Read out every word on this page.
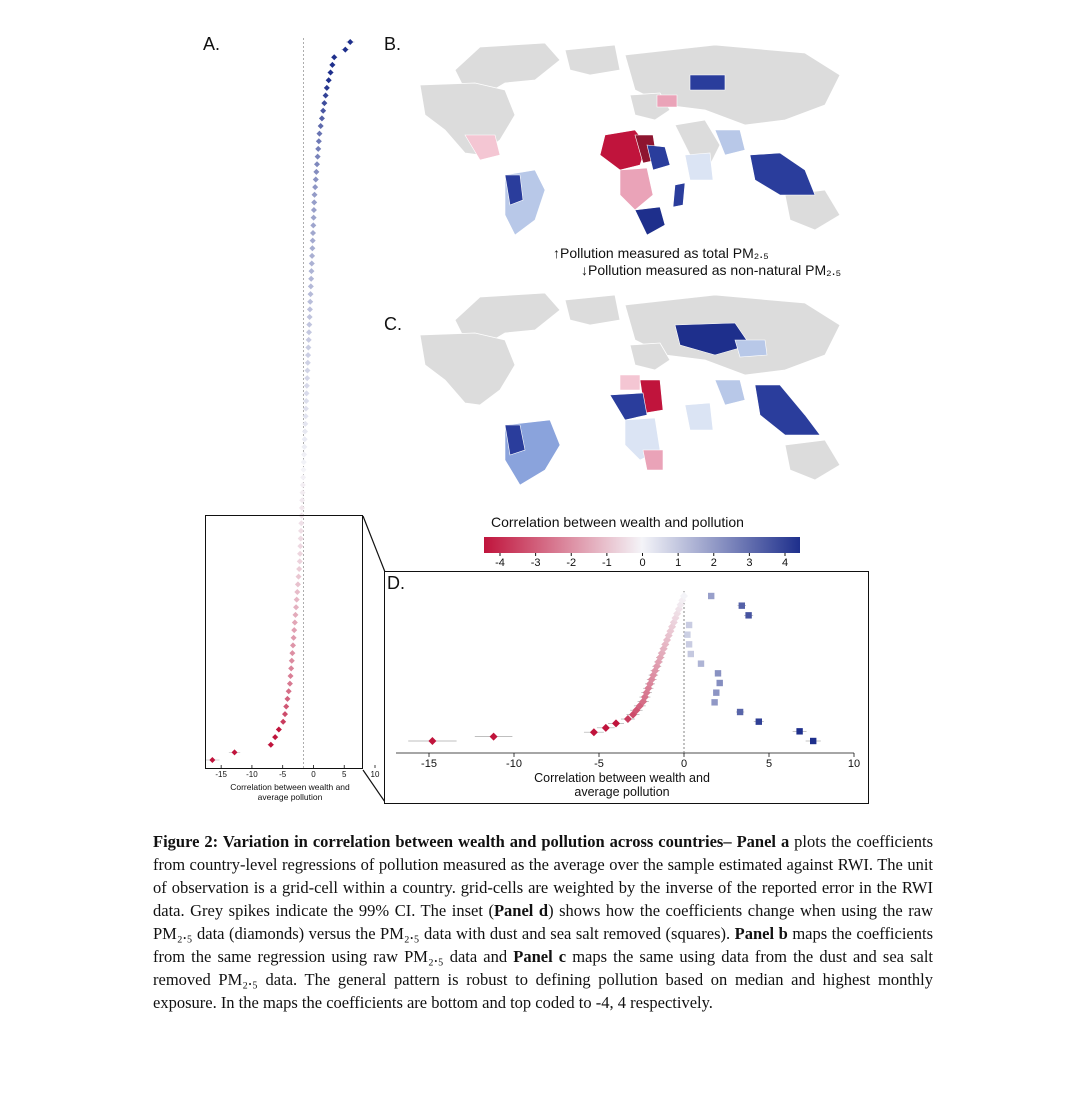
A.	B.
C.
D.
-15 -10	-5	0	5	10
Correlation between wealth and average pollution
↑Pollution measured as total PM₂.₅
↓Pollution measured as non-natural PM₂.₅
Correlation between wealth and pollution
-4 -3 -2 -1	0	1	2	3	4
-15	-10	-5	0	5	10
Correlation between wealth and average pollution
Figure 2: Variation in correlation between wealth and pollution across countries– Panel a plots the coefficients from country-level regressions of pollution measured as the average over the sample estimated against RWI. The unit of observation is a grid-cell within a country. grid-cells are weighted by the inverse of the reported error in the RWI data. Grey spikes indicate the 99% CI. The inset (Panel d) shows how the coefficients change when using the raw PM₂.₅ data (diamonds) versus the PM₂.₅ data with dust and sea salt removed (squares). Panel b maps the coefficients from the same regression using raw PM₂.₅ data and Panel c maps the same using data from the dust and sea salt removed PM₂.₅ data. The general pattern is robust to defining pollution based on median and highest monthly exposure. In the maps the coefficients are bottom and top coded to -4, 4 respectively.
